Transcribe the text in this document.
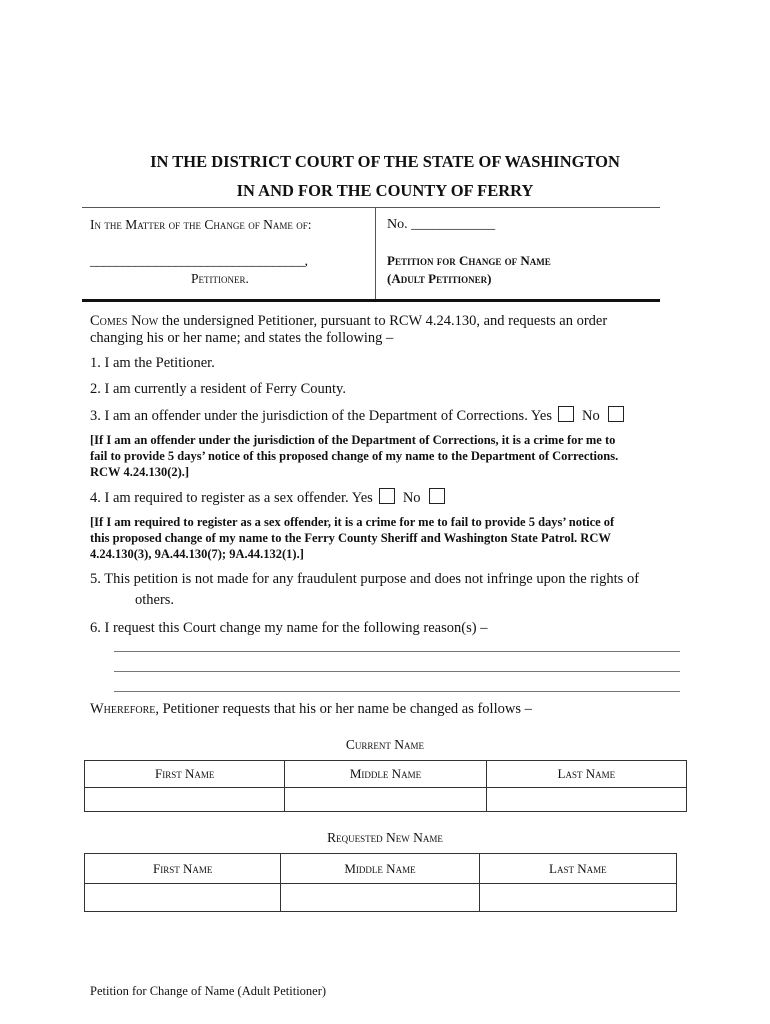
IN THE DISTRICT COURT OF THE STATE OF WASHINGTON
IN AND FOR THE COUNTY OF FERRY
In the Matter of the Change of Name of:
_________________________________,
Petitioner.
No. ____________
Petition for Change of Name
(Adult Petitioner)
Comes Now the undersigned Petitioner, pursuant to RCW 4.24.130, and requests an order
changing his or her name; and states the following –
1. I am the Petitioner.
2. I am currently a resident of Ferry County.
3. I am an offender under the jurisdiction of the Department of Corrections. Yes No
[If I am an offender under the jurisdiction of the Department of Corrections, it is a crime for me to
fail to provide 5 days’ notice of this proposed change of my name to the Department of Corrections.
RCW 4.24.130(2).]
4. I am required to register as a sex offender. Yes No
[If I am required to register as a sex offender, it is a crime for me to fail to provide 5 days’ notice of
this proposed change of my name to the Ferry County Sheriff and Washington State Patrol. RCW
4.24.130(3), 9A.44.130(7); 9A.44.132(1).]
5. This petition is not made for any fraudulent purpose and does not infringe upon the rights of
others.
6. I request this Court change my name for the following reason(s) –
Wherefore, Petitioner requests that his or her name be changed as follows –
Current Name
First Name	Middle Name	Last Name

Requested New Name
First Name	Middle Name	Last Name

Petition for Change of Name (Adult Petitioner)
